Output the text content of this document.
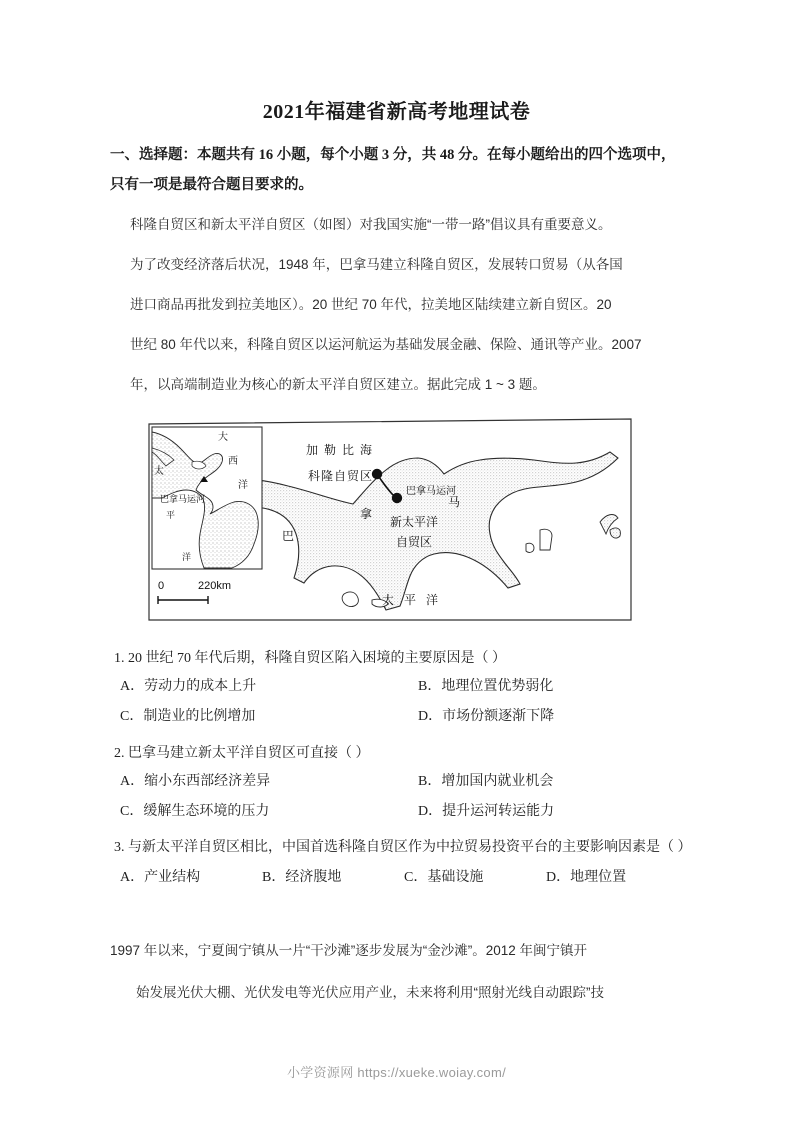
2021年福建省新高考地理试卷
一、选择题：本题共有 16 小题，每个小题 3 分，共 48 分。在每小题给出的四个选项中，
只有一项是最符合题目要求的。
科隆自贸区和新太平洋自贸区（如图）对我国实施“一带一路”倡议具有重要意义。
为了改变经济落后状况，1948 年，巴拿马建立科隆自贸区，发展转口贸易（从各国
进口商品再批发到拉美地区）。20 世纪 70 年代，拉美地区陆续建立新自贸区。20
世纪 80 年代以来，科隆自贸区以运河航运为基础发展金融、保险、通讯等产业。2007
年，以高端制造业为核心的新太平洋自贸区建立。据此完成 1 ~ 3 题。
巴拿马运河
大
西
洋
太
平
洋
加勒比海
科隆自贸区
巴拿马运河
新太平洋
自贸区
巴
拿
马
太平洋
0	220km
1. 20 世纪 70 年代后期，科隆自贸区陷入困境的主要原因是（ ）
A．劳动力的成本上升	B．地理位置优势弱化
C．制造业的比例增加	D．市场份额逐渐下降
2. 巴拿马建立新太平洋自贸区可直接（ ）
A．缩小东西部经济差异	B．增加国内就业机会
C．缓解生态环境的压力	D．提升运河转运能力
3. 与新太平洋自贸区相比，中国首选科隆自贸区作为中拉贸易投资平台的主要影响因素是（ ）
A．产业结构	B．经济腹地	C．基础设施	D．地理位置
1997 年以来，宁夏闽宁镇从一片“干沙滩”逐步发展为“金沙滩”。2012 年闽宁镇开
始发展光伏大棚、光伏发电等光伏应用产业，未来将利用“照射光线自动跟踪”技
小学资源网 https://xueke.woiay.com/
